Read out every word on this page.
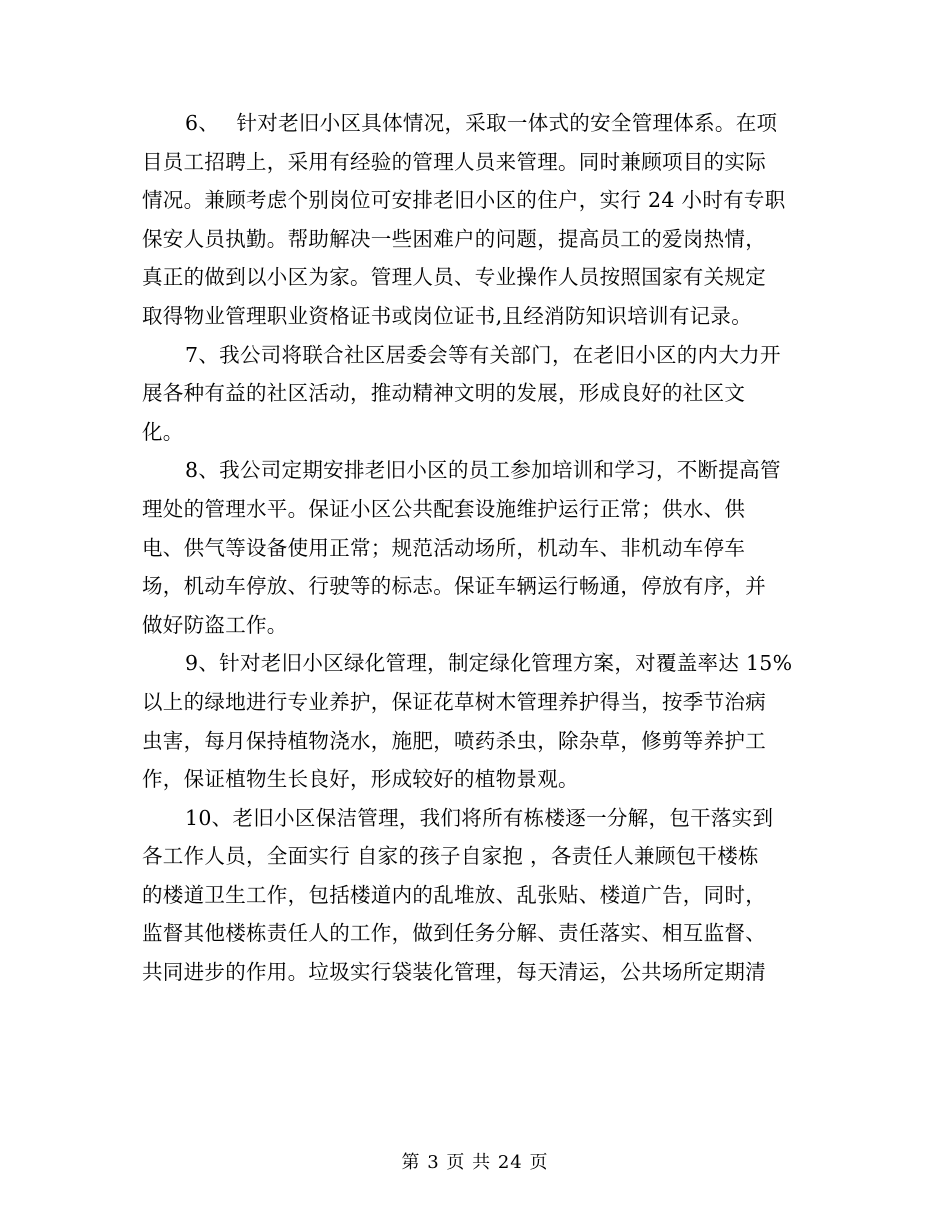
6、　 针对老旧小区具体情况，采取一体式的安全管理体系。在项
目员工招聘上，采用有经验的管理人员来管理。同时兼顾项目的实际
情况。兼顾考虑个别岗位可安排老旧小区的住户，实行 24 小时有专职
保安人员执勤。帮助解决一些困难户的问题，提高员工的爱岗热情，
真正的做到以小区为家。管理人员、专业操作人员按照国家有关规定
取得物业管理职业资格证书或岗位证书,且经消防知识培训有记录。

7、我公司将联合社区居委会等有关部门，在老旧小区的内大力开
展各种有益的社区活动，推动精神文明的发展，形成良好的社区文
化。

8、我公司定期安排老旧小区的员工参加培训和学习，不断提高管
理处的管理水平。保证小区公共配套设施维护运行正常；供水、供
电、供气等设备使用正常；规范活动场所，机动车、非机动车停车
场，机动车停放、行驶等的标志。保证车辆运行畅通，停放有序，并
做好防盗工作。

9、针对老旧小区绿化管理，制定绿化管理方案，对覆盖率达 15%
以上的绿地进行专业养护，保证花草树木管理养护得当，按季节治病
虫害，每月保持植物浇水，施肥，喷药杀虫，除杂草，修剪等养护工
作，保证植物生长良好，形成较好的植物景观。

10、老旧小区保洁管理，我们将所有栋楼逐一分解，包干落实到
各工作人员，全面实行 自家的孩子自家抱 ，各责任人兼顾包干楼栋
的楼道卫生工作，包括楼道内的乱堆放、乱张贴、楼道广告，同时，
监督其他楼栋责任人的工作，做到任务分解、责任落实、相互监督、
共同进步的作用。垃圾实行袋装化管理，每天清运，公共场所定期清

第 3 页 共 24 页
